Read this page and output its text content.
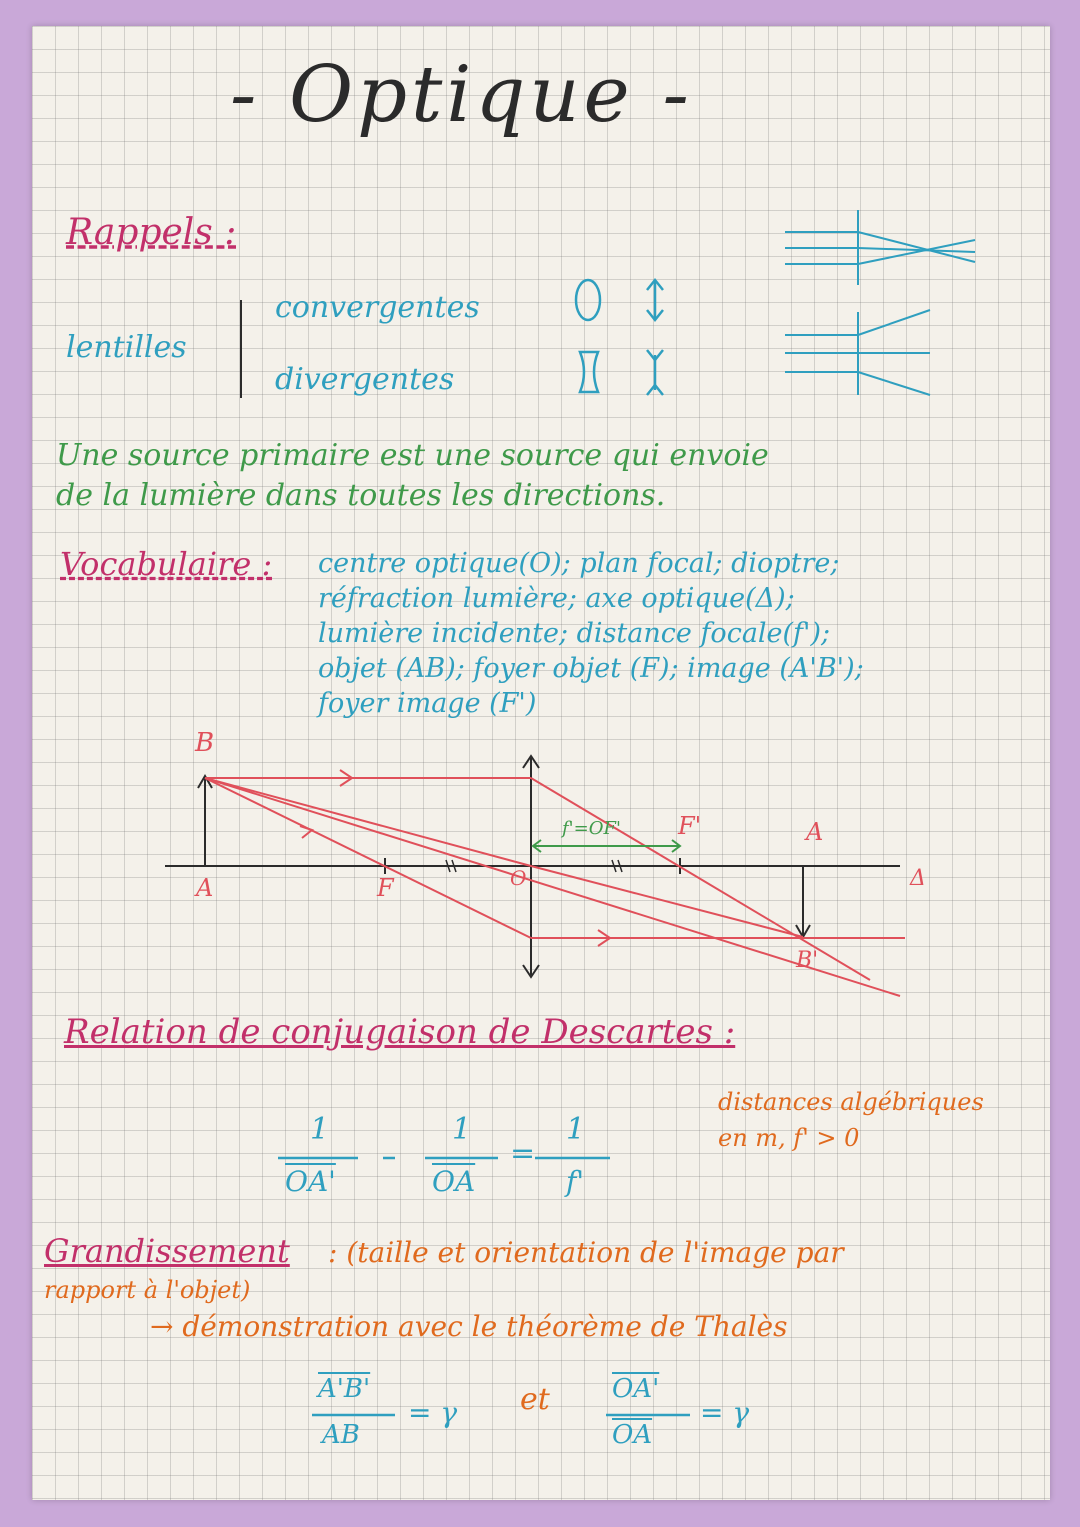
- Optique -
Rappels :
lentilles
convergentes
divergentes
Une source primaire est une source qui envoie
de la lumière dans toutes les directions.
Vocabulaire : centre optique(O); plan focal; dioptre;
réfraction lumière; axe optique(Δ);
lumière incidente; distance focale(f');
objet (AB); foyer objet (F); image (A'B');
foyer image (F')
B
A	F	O
F'	A
B'
Δ
f'=OF'
Relation de conjugaison de Descartes :
1
OA'
1
$\overline{OA}$
=
1
f'
distances algébriques
en m, f' > 0
Grandissement : (taille et orientation de l'image par
rapport à l'objet)
→ démonstration avec le théorème de Thalès
A'B'
AB
= γ et OA'
$\overline{OA}$
= γ
